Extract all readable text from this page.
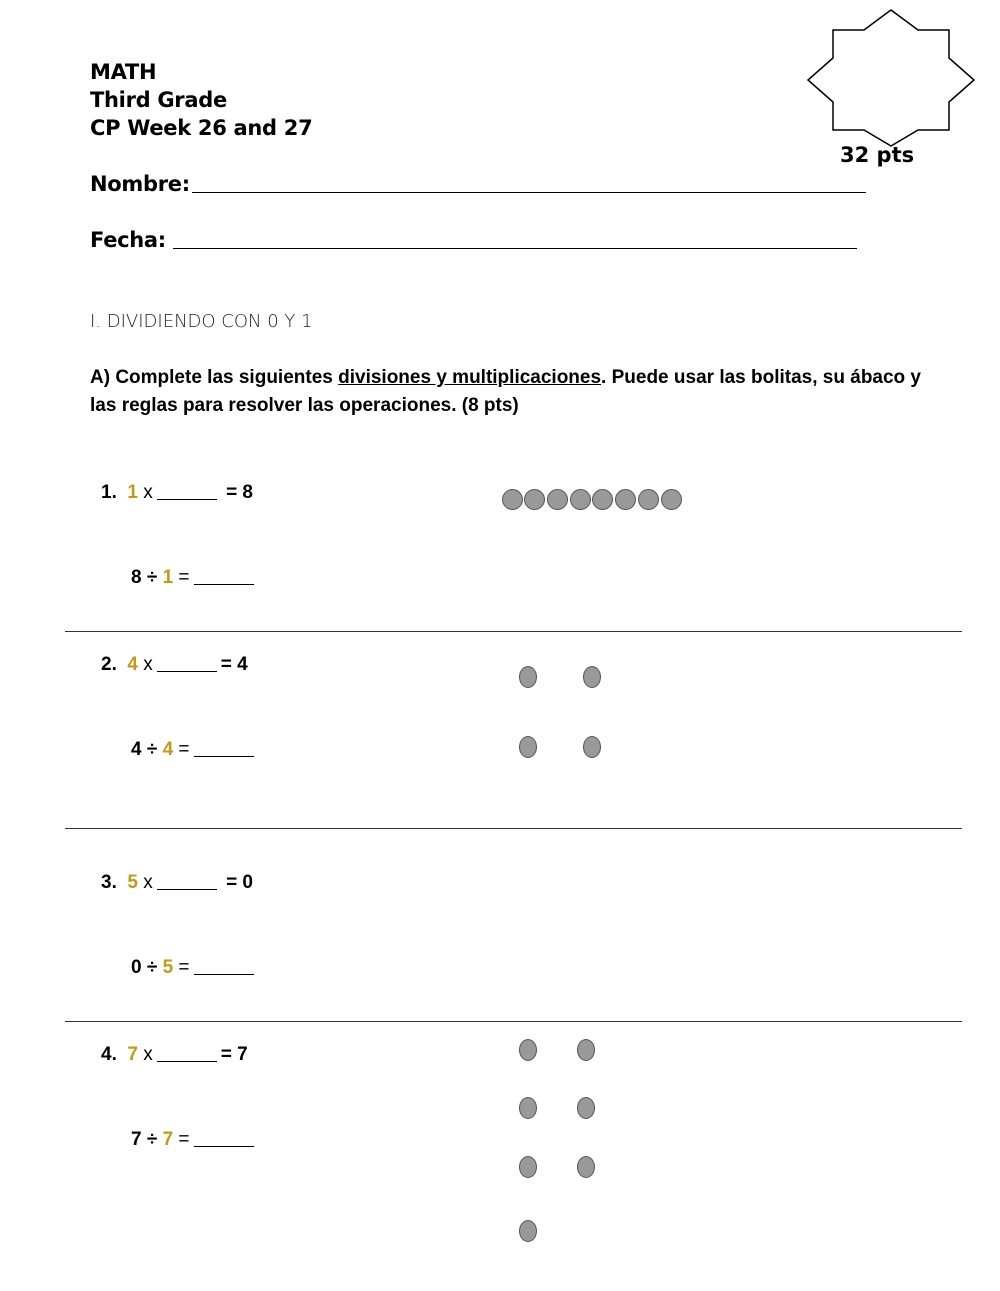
32 pts
MATH
Third Grade
CP Week 26 and 27
Nombre:
Fecha:
I. DIVIDIENDO CON 0 Y 1
A) Complete las siguientes divisiones y multiplicaciones. Puede usar las bolitas, su ábaco y las reglas para resolver las operaciones. (8 pts)
1. 1 x	= 8
8 ÷ 1 =
2. 4 x	= 4
4 ÷ 4 =
3. 5 x	= 0
0 ÷ 5 =
4. 7 x	= 7
7 ÷ 7 =
